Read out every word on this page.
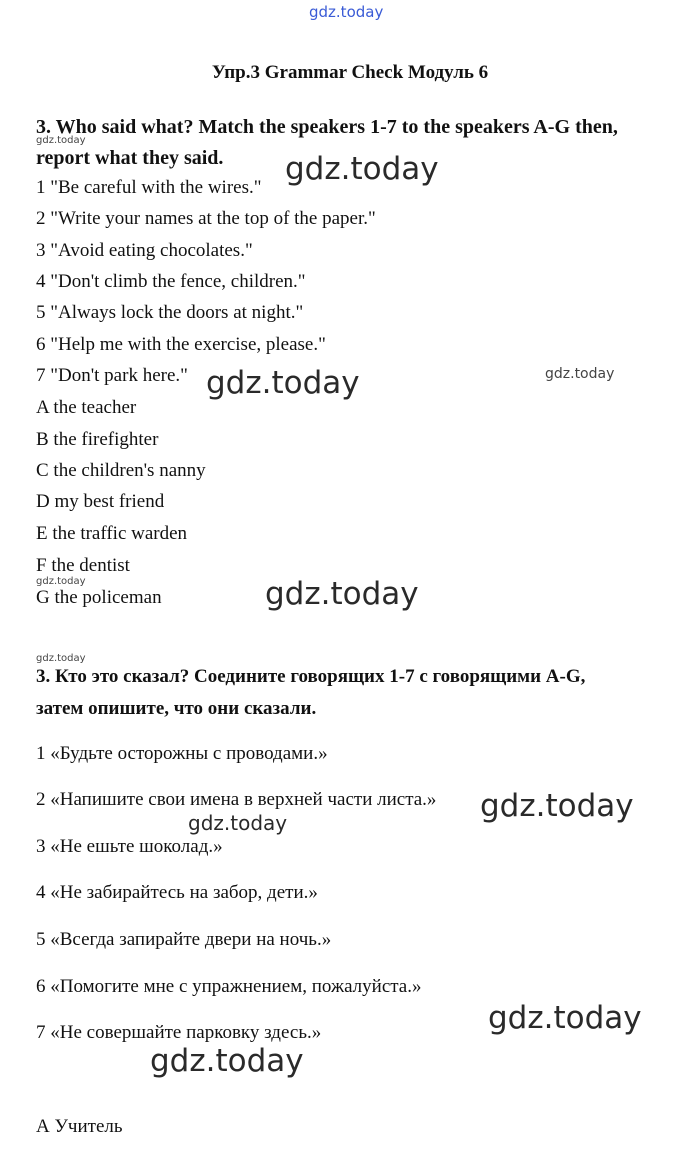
gdz.today
Упр.3 Grammar Check Модуль 6
3. Who said what? Match the speakers 1-7 to the speakers A-G then,
report what they said.
1 "Be careful with the wires."
2 "Write your names at the top of the paper."
3 "Avoid eating chocolates."
4 "Don't climb the fence, children."
5 "Always lock the doors at night."
6 "Help me with the exercise, please."
7 "Don't park here."
A the teacher
B the firefighter
C the children's nanny
D my best friend
E the traffic warden
F the dentist
G the policeman
3. Кто это сказал? Соедините говорящих 1-7 с говорящими A-G,
затем опишите, что они сказали.
1 «Будьте осторожны с проводами.»
2 «Напишите свои имена в верхней части листа.»
3 «Не ешьте шоколад.»
4 «Не забирайтесь на забор, дети.»
5 «Всегда запирайте двери на ночь.»
6 «Помогите мне с упражнением, пожалуйста.»
7 «Не совершайте парковку здесь.»
А Учитель
gdz.today
gdz.today
gdz.today	gdz.today
gdz.today	gdz.today
gdz.today
gdz.today
gdz.today
gdz.today
gdz.today
